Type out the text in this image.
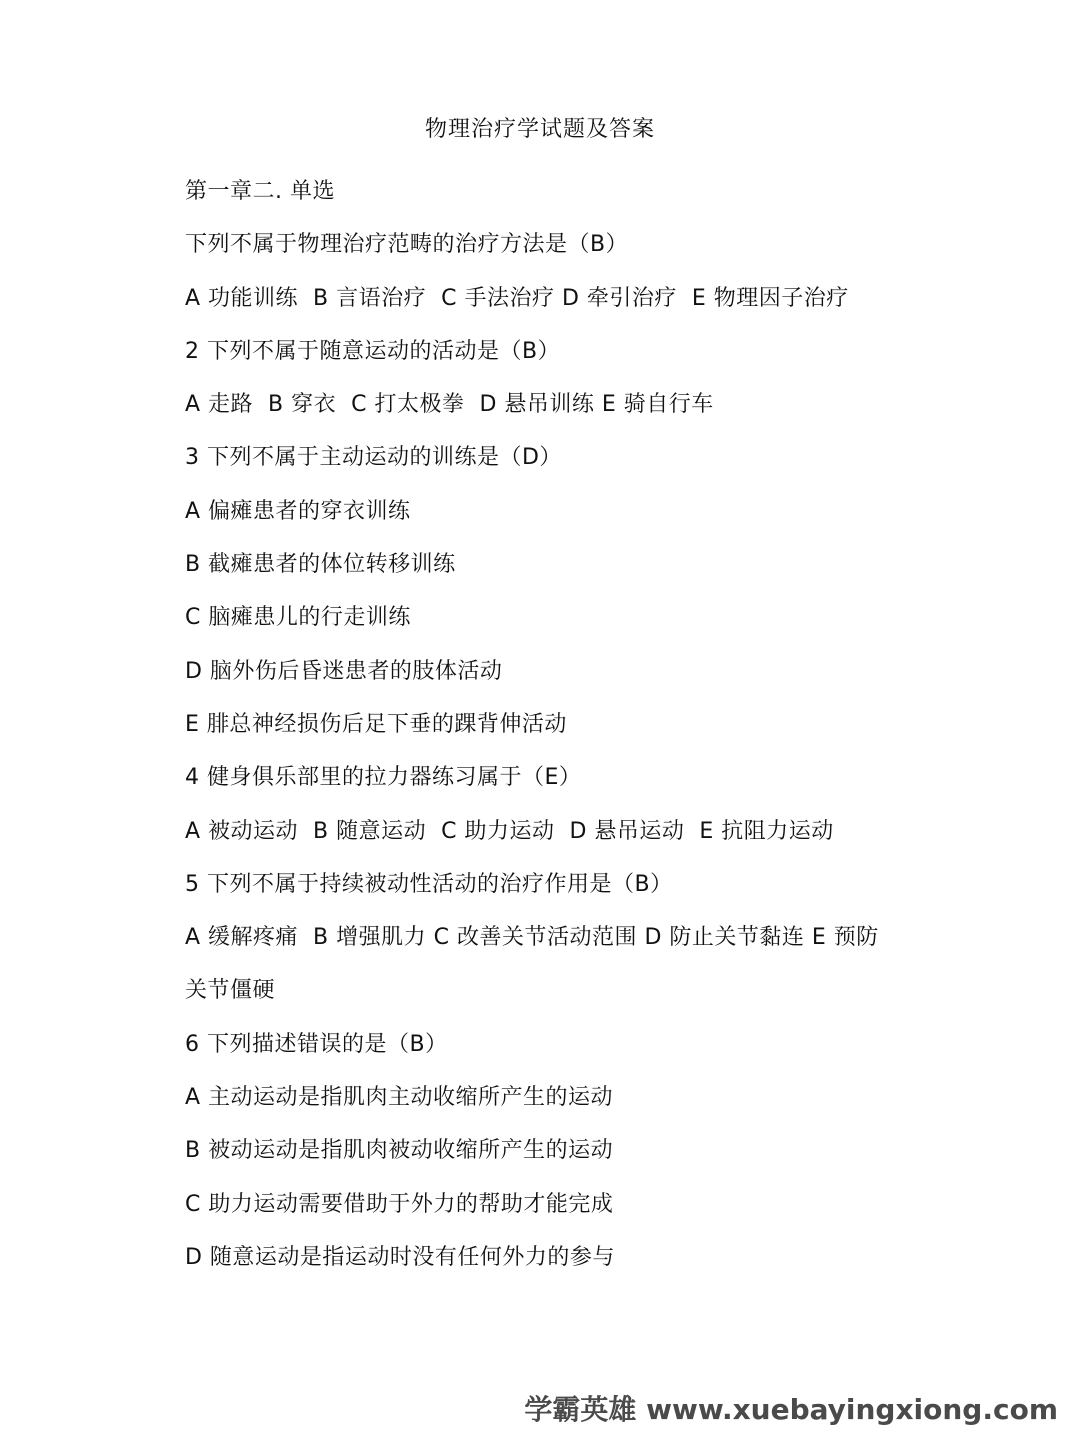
物理治疗学试题及答案
第一章二. 单选
下列不属于物理治疗范畴的治疗方法是（B）
A 功能训练  B 言语治疗  C 手法治疗 D 牵引治疗  E 物理因子治疗
2 下列不属于随意运动的活动是（B）
A 走路  B 穿衣  C 打太极拳  D 悬吊训练 E 骑自行车
3 下列不属于主动运动的训练是（D）
A 偏瘫患者的穿衣训练
B 截瘫患者的体位转移训练
C 脑瘫患儿的行走训练
D 脑外伤后昏迷患者的肢体活动
E 腓总神经损伤后足下垂的踝背伸活动
4 健身俱乐部里的拉力器练习属于（E）
A 被动运动  B 随意运动  C 助力运动  D 悬吊运动  E 抗阻力运动
5 下列不属于持续被动性活动的治疗作用是（B）
A 缓解疼痛  B 增强肌力 C 改善关节活动范围 D 防止关节黏连 E 预防
关节僵硬
6 下列描述错误的是（B）
A 主动运动是指肌肉主动收缩所产生的运动
B 被动运动是指肌肉被动收缩所产生的运动
C 助力运动需要借助于外力的帮助才能完成
D 随意运动是指运动时没有任何外力的参与
学霸英雄 www.xuebayingxiong.com
